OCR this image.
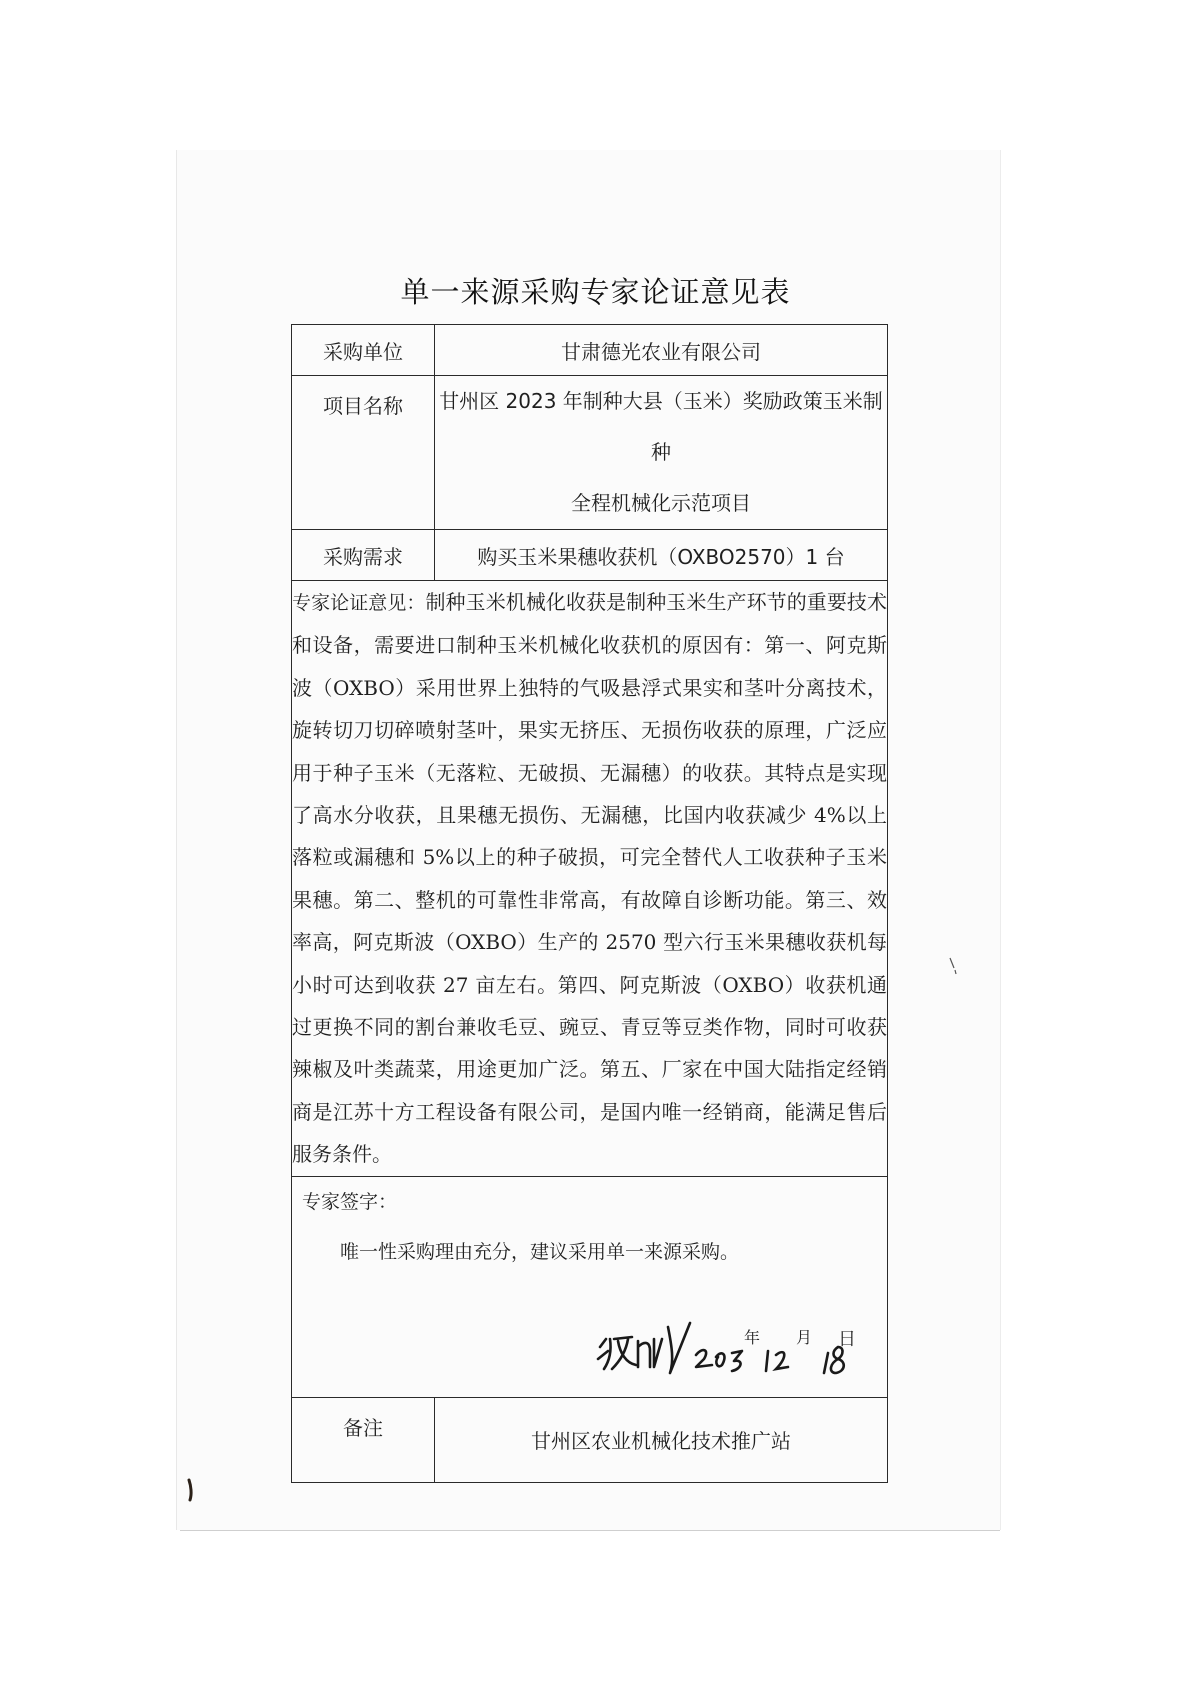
单一来源采购专家论证意见表
采购单位	甘肃德光农业有限公司
项目名称	甘州区 2023 年制种大县（玉米）奖励政策玉米制种
全程机械化示范项目

采购需求	购买玉米果穗收获机（OXBO2570）1 台
专家论证意见：制种玉米机械化收获是制种玉米生产环节的重要技术和设备，需要进口制种玉米机械化收获机的原因有：第一、阿克斯波（OXBO）采用世界上独特的气吸悬浮式果实和茎叶分离技术，旋转切刀切碎喷射茎叶，果实无挤压、无损伤收获的原理，广泛应用于种子玉米（无落粒、无破损、无漏穗）的收获。其特点是实现了高水分收获，且果穗无损伤、无漏穗，比国内收获减少 4%以上落粒或漏穗和 5%以上的种子破损，可完全替代人工收获种子玉米果穗。第二、整机的可靠性非常高，有故障自诊断功能。第三、效率高，阿克斯波（OXBO）生产的 2570 型六行玉米果穗收获机每小时可达到收获 27 亩左右。第四、阿克斯波（OXBO）收获机通过更换不同的割台兼收毛豆、豌豆、青豆等豆类作物，同时可收获辣椒及叶类蔬菜，用途更加广泛。第五、厂家在中国大陆指定经销商是江苏十方工程设备有限公司，是国内唯一经销商，能满足售后服务条件。	

专家签字：
唯一性采购理由充分，建议采用单一来源采购。
年 月 日	

备注	甘州区农业机械化技术推广站
